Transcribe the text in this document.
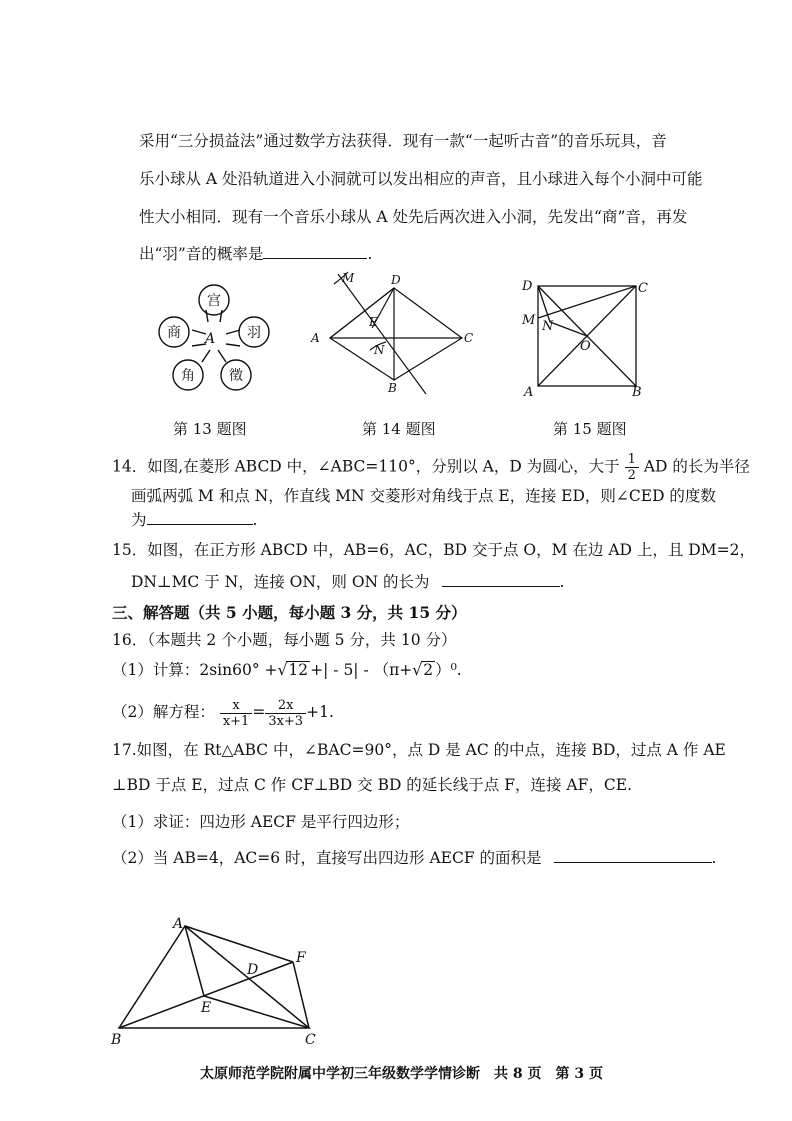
采用“三分损益法”通过数学方法获得．现有一款“一起听古音”的音乐玩具，音
乐小球从 A 处沿轨道进入小洞就可以发出相应的声音，且小球进入每个小洞中可能
性大小相同．现有一个音乐小球从 A 处先后两次进入小洞，先发出“商”音，再发
出“羽”音的概率是	.
A
宫
羽
徵
角
商
M	D
A
E
C
N
B
D	C
M N
O
A	B
第 13 题图	第 14 题图	第 15 题图
14．如图,在菱形 ABCD 中，∠ABC=110°，分别以 A，D 为圆心，大于 $\frac{1}{2}$ AD 的长为半径
画弧两弧 M 和点 N，作直线 MN 交菱形对角线于点 E，连接 ED，则∠CED 的度数
为	.
15．如图，在正方形 ABCD 中，AB=6，AC，BD 交于点 O，M 在边 AD 上，且 DM=2，
DN⊥MC 于 N，连接 ON，则 ON 的长为	.
三、解答题（共 5 小题，每小题 3 分，共 15 分）
16．（本题共 2 个小题，每小题 5 分，共 10 分）
（1）计算：2sin60° +√12 +| - 5| - （π+√2 ）⁰.
（2）解方程： $\frac{x}{x+1} = \frac{2x}{3x+3} +1$.
17.如图，在 Rt△ABC 中，∠BAC=90°，点 D 是 AC 的中点，连接 BD，过点 A 作 AE
⊥BD 于点 E，过点 C 作 CF⊥BD 交 BD 的延长线于点 F，连接 AF，CE.
（1）求证：四边形 AECF 是平行四边形；
（2）当 AB=4，AC=6 时，直接写出四边形 AECF 的面积是	.
A
F
D
E
B	C
太原师范学院附属中学初三年级数学学情诊断　共 8 页　第 3 页
